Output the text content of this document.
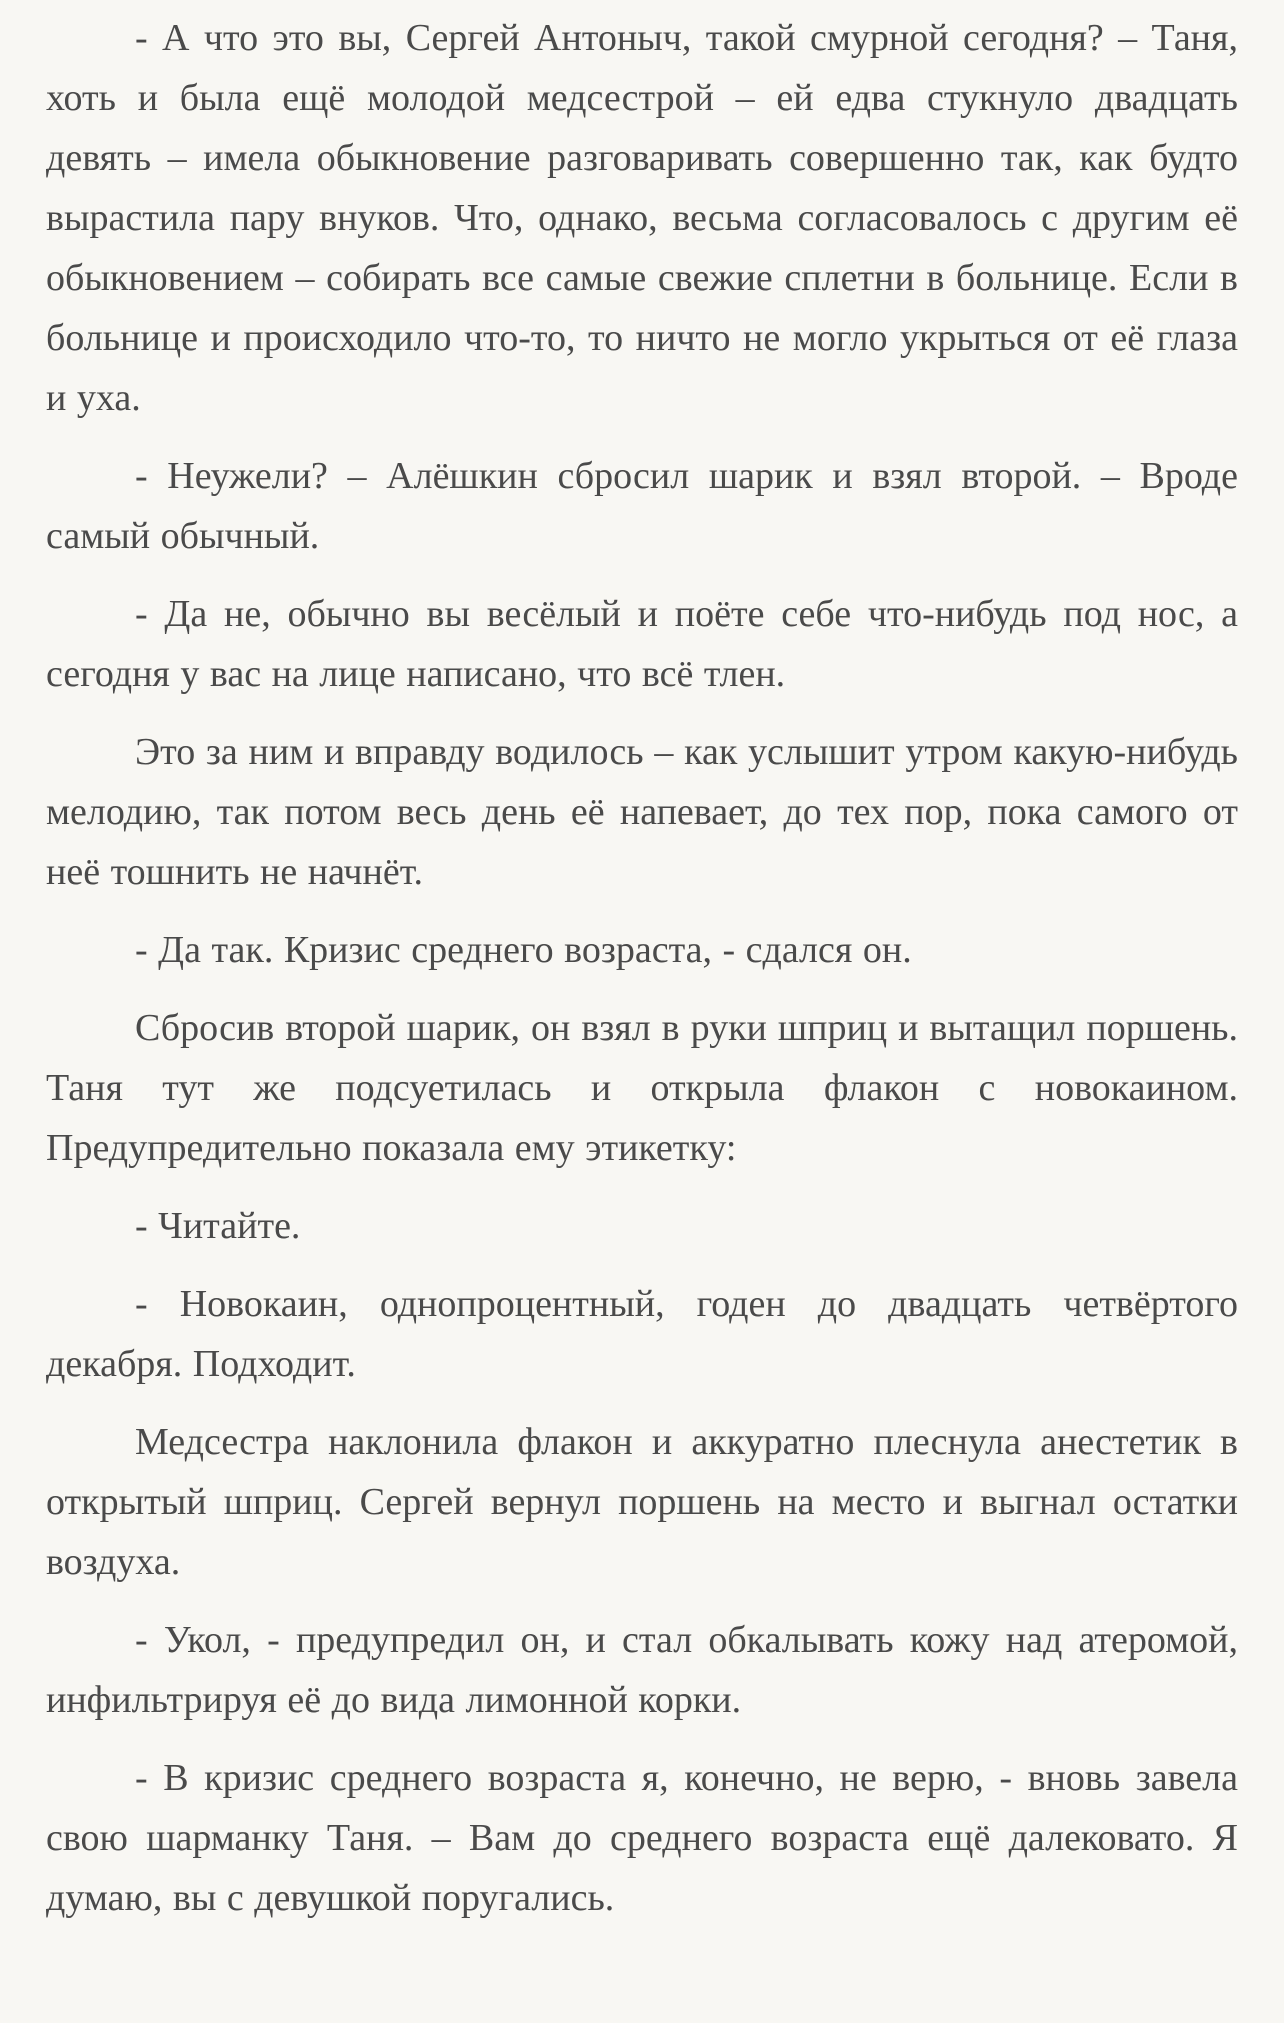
- А что это вы, Сергей Антоныч, такой смурной сегодня? – Таня, хоть и была ещё молодой медсестрой – ей едва стукнуло двадцать девять – имела обыкновение разговаривать совершенно так, как будто вырастила пару внуков. Что, однако, весьма согласовалось с другим её обыкновением – собирать все самые свежие сплетни в больнице. Если в больнице и происходило что-то, то ничто не могло укрыться от её глаза и уха.

- Неужели? – Алёшкин сбросил шарик и взял второй. – Вроде самый обычный.

- Да не, обычно вы весёлый и поёте себе что-нибудь под нос, а сегодня у вас на лице написано, что всё тлен.

Это за ним и вправду водилось – как услышит утром какую-нибудь мелодию, так потом весь день её напевает, до тех пор, пока самого от неё тошнить не начнёт.

- Да так. Кризис среднего возраста, - сдался он.

Сбросив второй шарик, он взял в руки шприц и вытащил поршень. Таня тут же подсуетилась и открыла флакон с новокаином. Предупредительно показала ему этикетку:

- Читайте.

- Новокаин, однопроцентный, годен до двадцать четвёртого декабря. Подходит.

Медсестра наклонила флакон и аккуратно плеснула анестетик в открытый шприц. Сергей вернул поршень на место и выгнал остатки воздуха.

- Укол, - предупредил он, и стал обкалывать кожу над атеромой, инфильтрируя её до вида лимонной корки.

- В кризис среднего возраста я, конечно, не верю, - вновь завела свою шарманку Таня. – Вам до среднего возраста ещё далековато. Я думаю, вы с девушкой поругались.
